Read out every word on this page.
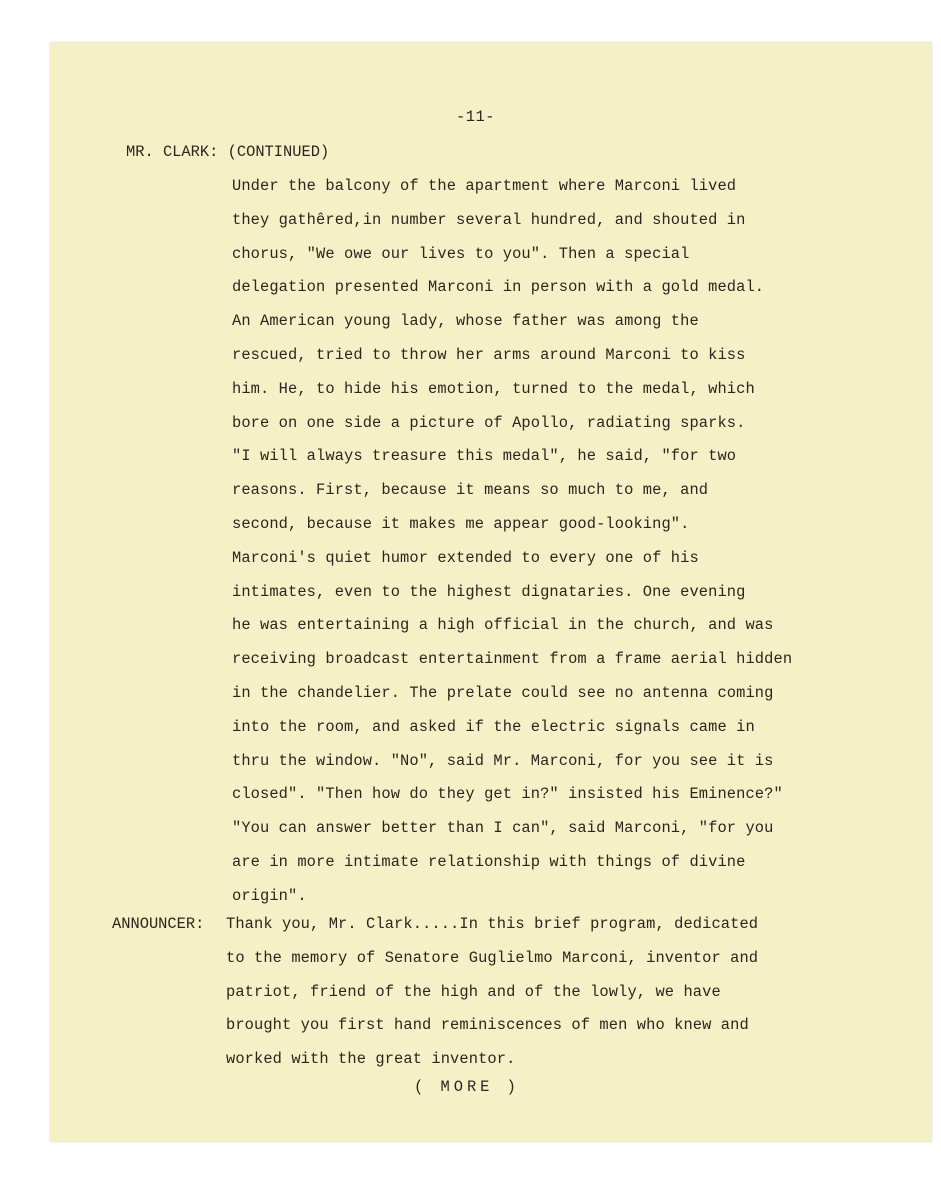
-11-
MR. CLARK: (CONTINUED)
Under the balcony of the apartment where Marconi lived
they gathêred,in number several hundred, and shouted in
chorus, "We owe our lives to you". Then a special
delegation presented Marconi in person with a gold medal.
An American young lady, whose father was among the
rescued, tried to throw her arms around Marconi to kiss
him. He, to hide his emotion, turned to the medal, which
bore on one side a picture of Apollo, radiating sparks.
"I will always treasure this medal", he said, "for two
reasons. First, because it means so much to me, and
second, because it makes me appear good-looking".
Marconi's quiet humor extended to every one of his
intimates, even to the highest dignataries. One evening
he was entertaining a high official in the church, and was
receiving broadcast entertainment from a frame aerial hidden
in the chandelier. The prelate could see no antenna coming
into the room, and asked if the electric signals came in
thru the window. "No", said Mr. Marconi, for you see it is
closed". "Then how do they get in?" insisted his Eminence?"
"You can answer better than I can", said Marconi, "for you
are in more intimate relationship with things of divine
origin".
ANNOUNCER: Thank you, Mr. Clark.....In this brief program, dedicated
to the memory of Senatore Guglielmo Marconi, inventor and
patriot, friend of the high and of the lowly, we have
brought you first hand reminiscences of men who knew and
worked with the great inventor.
( MORE )
